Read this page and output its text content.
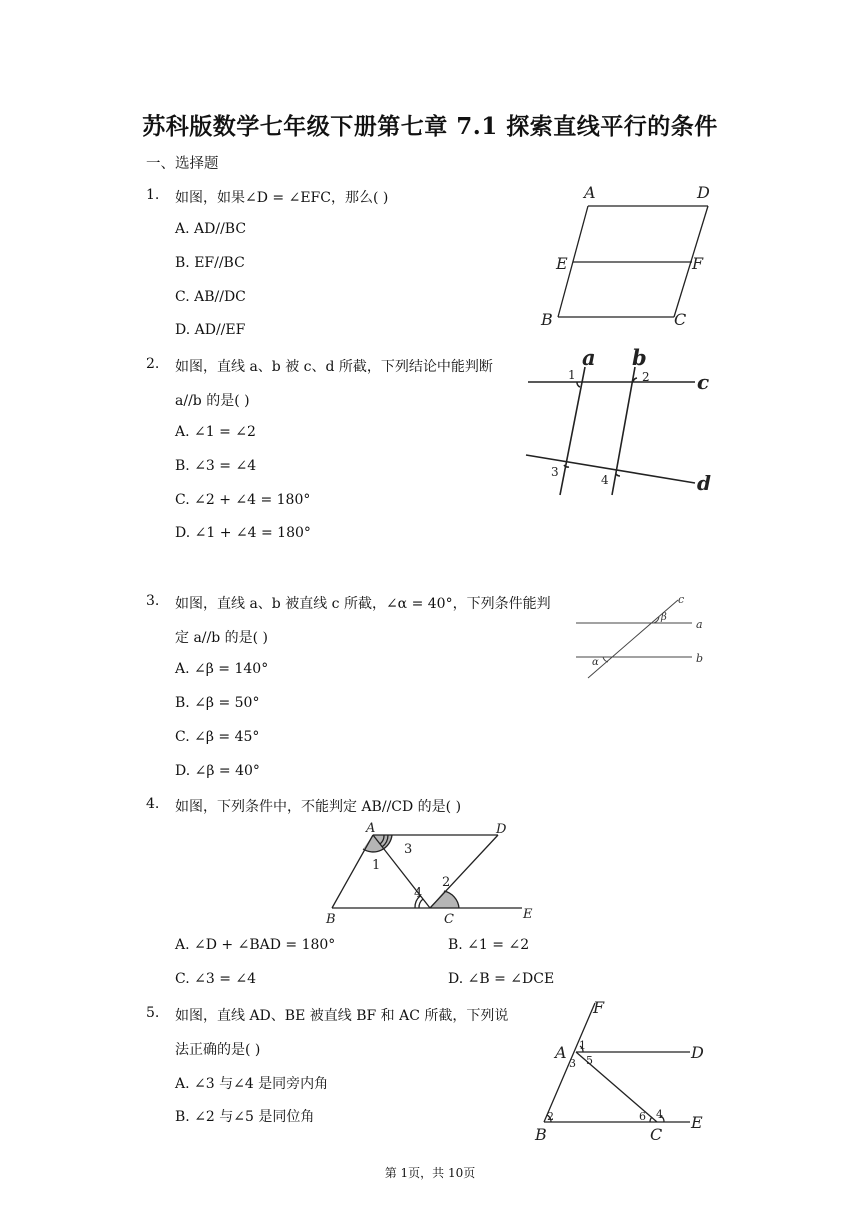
苏科版数学七年级下册第七章 7.1 探索直线平行的条件
一、选择题
1. 如图，如果∠D = ∠EFC，那么( )
A. AD//BC
B. EF//BC
C. AB//DC
D. AD//EF
A	D
E	F
B	C
2. 如图，直线 a、b 被 c、d 所截，下列结论中能判断
a//b 的是( )
A. ∠1 = ∠2
B. ∠3 = ∠4
C. ∠2 + ∠4 = 180°
D. ∠1 + ∠4 = 180°
a b
c
d
1	2
3
4
3. 如图，直线 a、b 被直线 c 所截，∠α = 40°，下列条件能判
定 a//b 的是( )
A. ∠β = 140°
B. ∠β = 50°
C. ∠β = 45°
D. ∠β = 40°
c
a
b
β
α
4. 如图，下列条件中，不能判定 AB//CD 的是( )
A	D
B	C	E
1
2
3
4
A. ∠D + ∠BAD = 180°	B. ∠1 = ∠2
C. ∠3 = ∠4	D. ∠B = ∠DCE
5. 如图，直线 AD、BE 被直线 BF 和 AC 所截，下列说
法正确的是( )
A. ∠3 与∠4 是同旁内角
B. ∠2 与∠5 是同位角
F
A	D
B	C
E
1
2
3
4
5
6
第 1页，共 10页
